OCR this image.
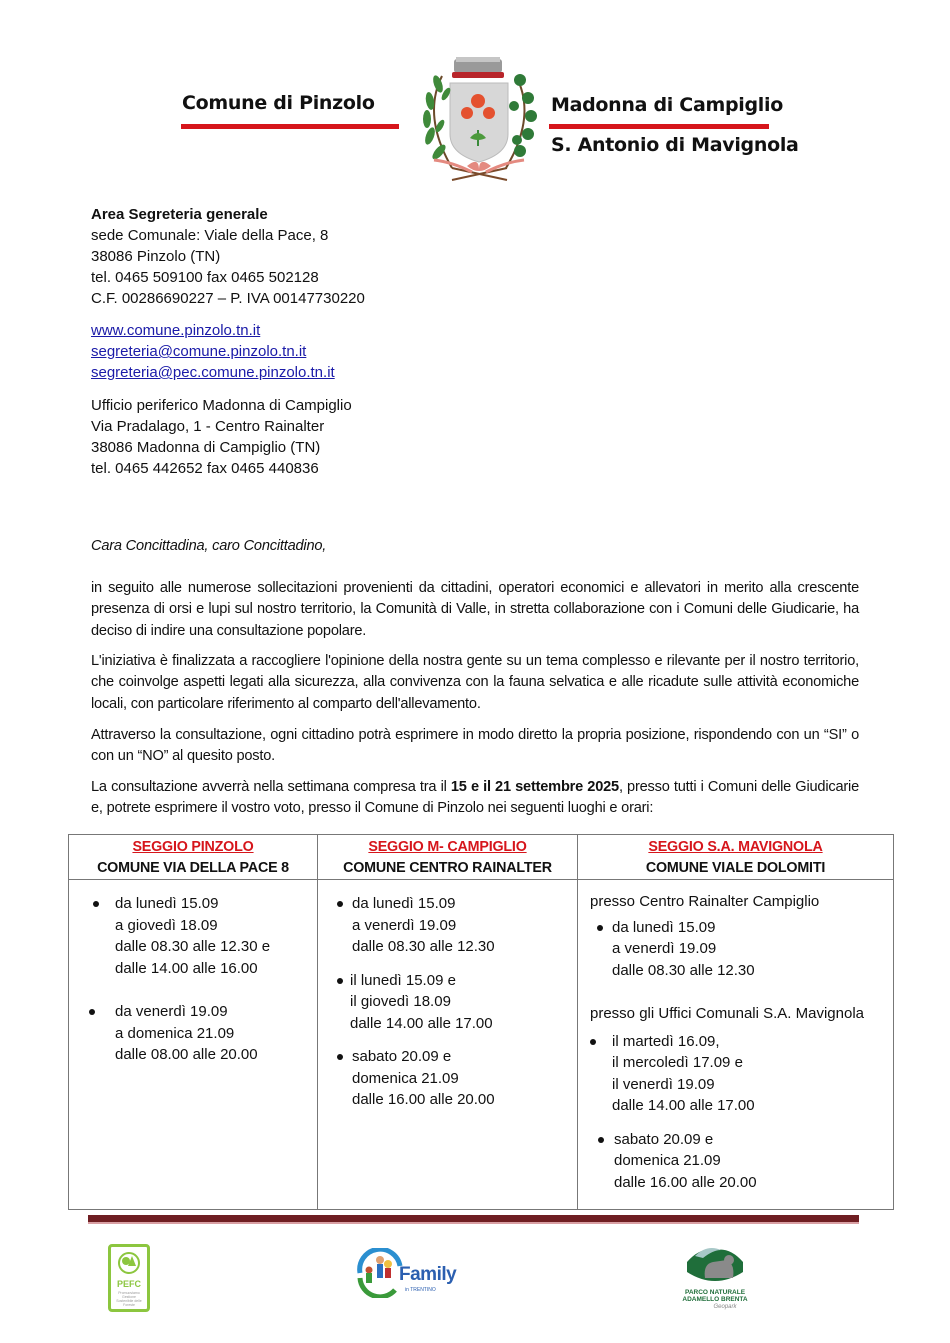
Comune di Pinzolo	Madonna di Campiglio
S. Antonio di Mavignola
Area Segreteria generale
sede Comunale: Viale della Pace, 8
38086 Pinzolo (TN)
tel. 0465 509100 fax 0465 502128
C.F. 00286690227 – P. IVA 00147730220
www.comune.pinzolo.tn.it
segreteria@comune.pinzolo.tn.it
segreteria@pec.comune.pinzolo.tn.it
Ufficio periferico Madonna di Campiglio
Via Pradalago, 1 - Centro Rainalter
38086 Madonna di Campiglio (TN)
tel. 0465 442652 fax 0465 440836
Cara Concittadina, caro Concittadino,
in seguito alle numerose sollecitazioni provenienti da cittadini, operatori economici e allevatori in merito alla crescente presenza di orsi e lupi sul nostro territorio, la Comunità di Valle, in stretta collaborazione con i Comuni delle Giudicarie, ha deciso di indire una consultazione popolare.
L'iniziativa è finalizzata a raccogliere l'opinione della nostra gente su un tema complesso e rilevante per il nostro territorio, che coinvolge aspetti legati alla sicurezza, alla convivenza con la fauna selvatica e alle ricadute sulle attività economiche locali, con particolare riferimento al comparto dell'allevamento.
Attraverso la consultazione, ogni cittadino potrà esprimere in modo diretto la propria posizione, rispondendo con un “SI” o con un “NO” al quesito posto.
La consultazione avverrà nella settimana compresa tra il 15 e il 21 settembre 2025, presso tutti i Comuni delle Giudicarie e, potrete esprimere il vostro voto, presso il Comune di Pinzolo nei seguenti luoghi e orari:
SEGGIO PINZOLO
COMUNE VIA DELLA PACE 8
da lunedì 15.09
a giovedì 18.09
dalle 08.30 alle 12.30 e
dalle 14.00 alle 16.00
da venerdì 19.09
a domenica 21.09
dalle 08.00 alle 20.00
SEGGIO M- CAMPIGLIO
COMUNE CENTRO RAINALTER
da lunedì 15.09
a venerdì 19.09
dalle 08.30 alle 12.30
il lunedì 15.09 e
il giovedì 18.09
dalle 14.00 alle 17.00
sabato 20.09 e
domenica 21.09
dalle 16.00 alle 20.00
SEGGIO S.A. MAVIGNOLA
COMUNE VIALE DOLOMITI
presso Centro Rainalter Campiglio
da lunedì 15.09
a venerdì 19.09
dalle 08.30 alle 12.30
presso gli Uffici Comunali S.A. Mavignola
il martedì 16.09,
il mercoledì 17.09 e
il venerdì 19.09
dalle 14.00 alle 17.00
sabato 20.09 e
domenica 21.09
dalle 16.00 alle 20.00
PEFC
Promuoviamo Gestione Sostenibile delle Foreste
Family
in TRENTINO	PARCO NATURALE
ADAMELLO BRENTA
Geopark
